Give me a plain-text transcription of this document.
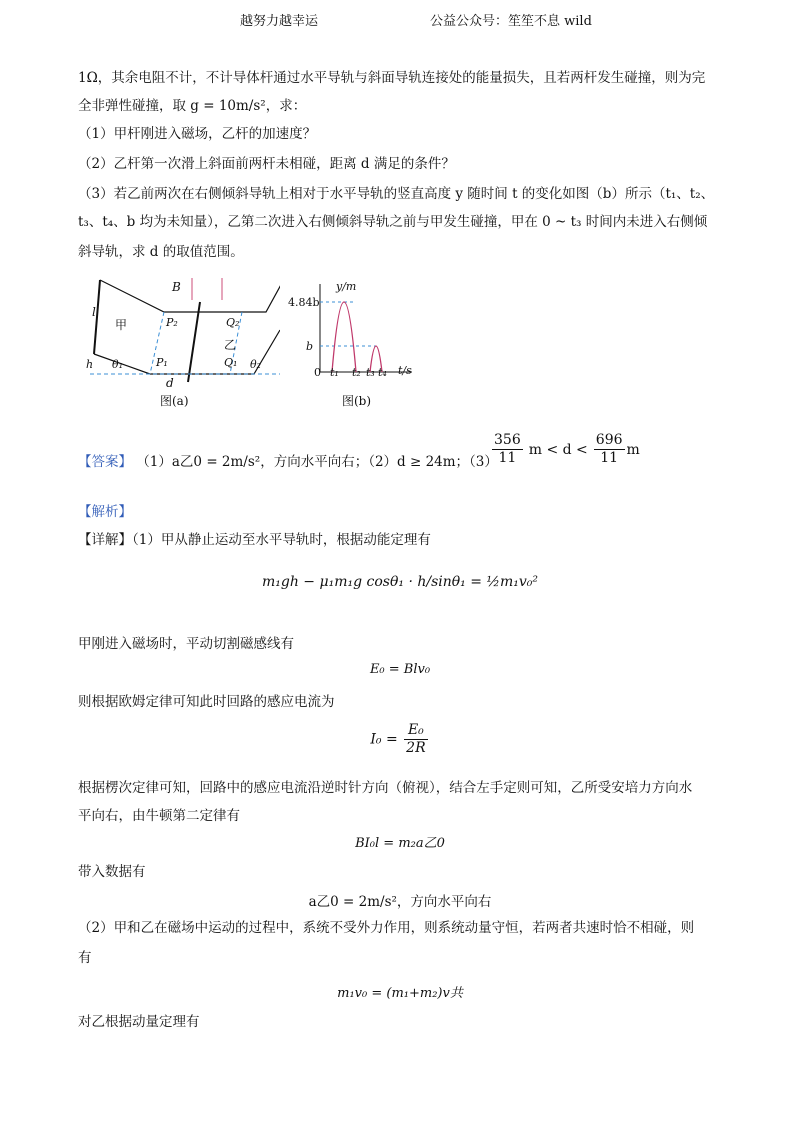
越努力越幸运	公益公众号：笙笙不息 wild
1Ω，其余电阻不计，不计导体杆通过水平导轨与斜面导轨连接处的能量损失，且若两杆发生碰撞，则为完
全非弹性碰撞，取 g = 10m/s²，求：
（1）甲杆刚进入磁场，乙杆的加速度？
（2）乙杆第一次滑上斜面前两杆未相碰，距离 d 满足的条件？
（3）若乙前两次在右侧倾斜导轨上相对于水平导轨的竖直高度 y 随时间 t 的变化如图（b）所示（t₁、t₂、
t₃、t₄、b 均为未知量），乙第二次进入右侧倾斜导轨之前与甲发生碰撞，甲在 0 ~ t₃ 时间内未进入右侧倾
斜导轨，求 d 的取值范围。
B
l
甲
乙
P₂	Q₂
P₁	Q₁
θ₁	θ₂
h
d
图(a)
y/m
4.84b
b
0 t₁ t₂ t₃ t₄ t/s
图(b)
【答案】 （1）a乙0 = 2m/s²，方向水平向右；（2）d ≥ 24m；（3）
$\frac{356}{11}$ $m < d < \frac{696}{11}$ m
【解析】
【详解】（1）甲从静止运动至水平导轨时，根据动能定理有
m₁gh − μ₁m₁g cosθ₁ · h/sinθ₁ = ½m₁v₀²
甲刚进入磁场时，平动切割磁感线有
E₀ = Blv₀
则根据欧姆定律可知此时回路的感应电流为
$I_0 = \frac{\text{E₀}}{2R}$
根据楞次定律可知，回路中的感应电流沿逆时针方向（俯视），结合左手定则可知，乙所受安培力方向水
平向右，由牛顿第二定律有
BI₀l = m₂a乙0
带入数据有
a乙0 = 2m/s²，方向水平向右
（2）甲和乙在磁场中运动的过程中，系统不受外力作用，则系统动量守恒，若两者共速时恰不相碰，则
有
m₁v₀ = (m₁+m₂)v共
对乙根据动量定理有
